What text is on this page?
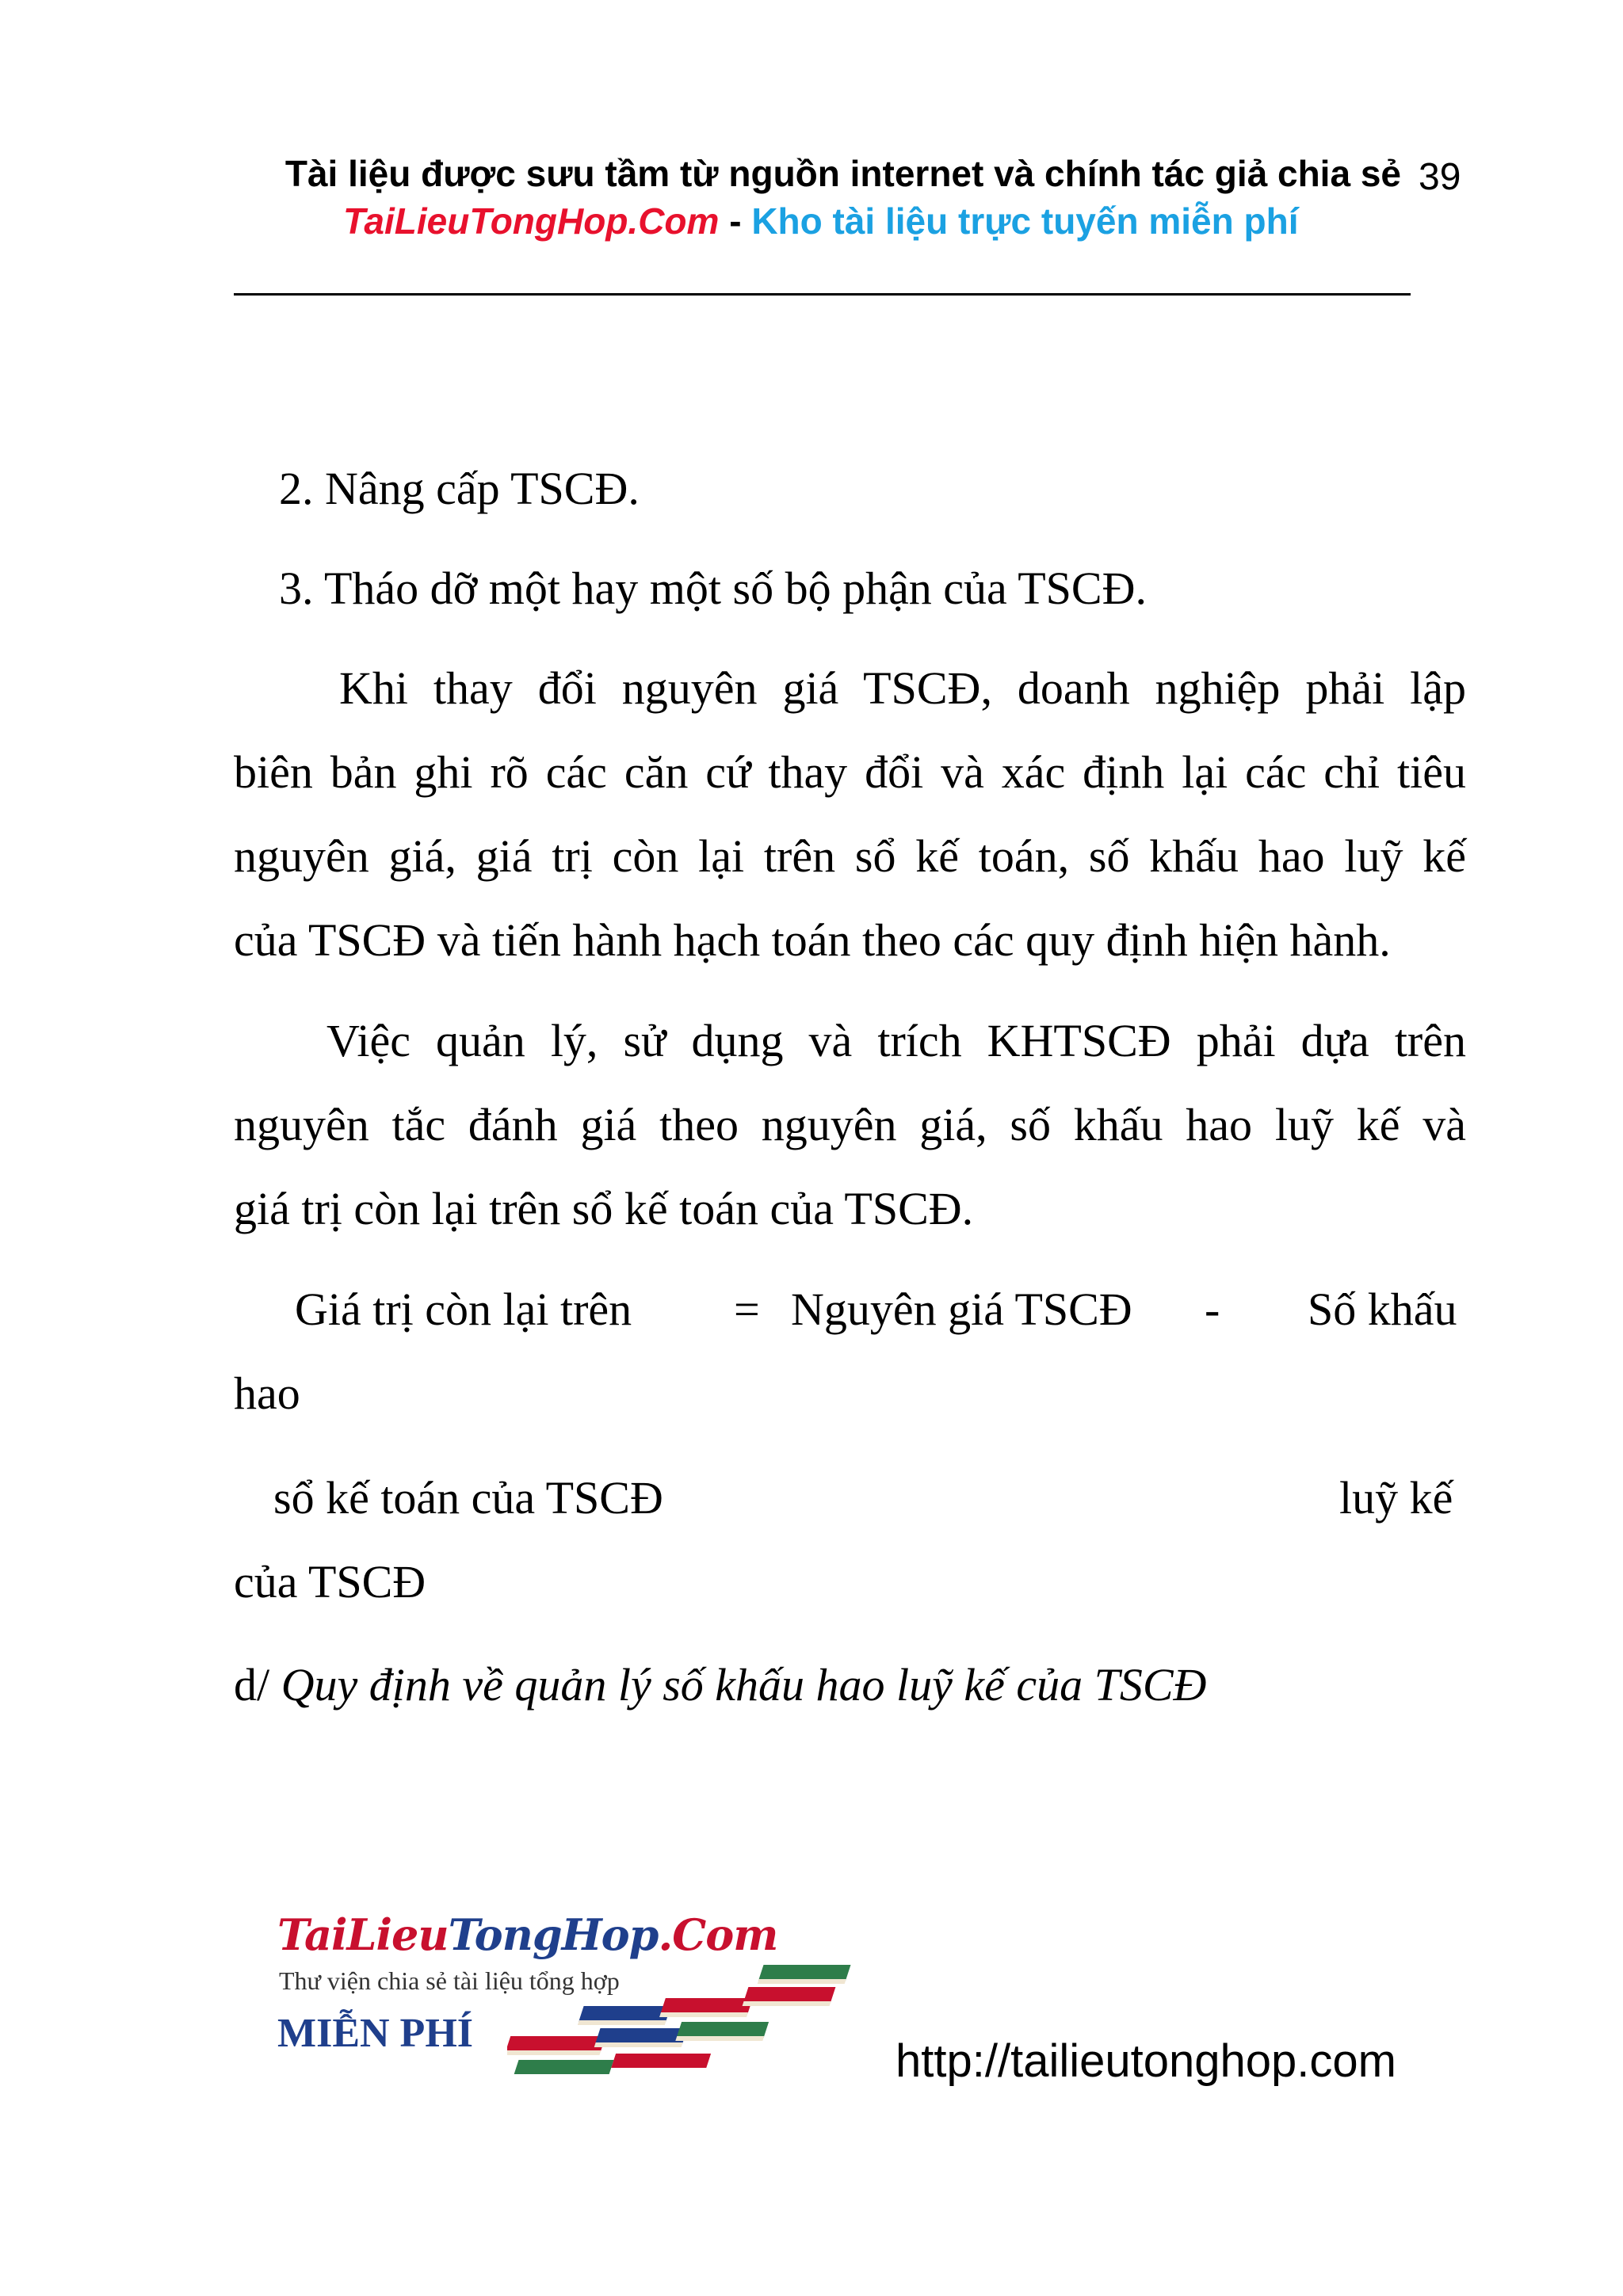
Tài liệu được sưu tầm từ nguồn internet và chính tác giả chia sẻ 39
TaiLieuTongHop.Com - Kho tài liệu trực tuyến miễn phí
2. Nâng cấp TSCĐ.
3. Tháo dỡ một hay một số bộ phận của TSCĐ.
Khi thay đổi nguyên giá TSCĐ, doanh nghiệp phải lập
biên bản ghi rõ các căn cứ thay đổi và xác định lại các chỉ tiêu
nguyên giá, giá trị còn lại trên sổ kế toán, số khấu hao luỹ kế
của TSCĐ và tiến hành hạch toán theo các quy định hiện hành.
Việc quản lý, sử dụng và trích KHTSCĐ phải dựa trên
nguyên tắc đánh giá theo nguyên giá, số khấu hao luỹ kế và
giá trị còn lại trên sổ kế toán của TSCĐ.
Giá trị còn lại trên = Nguyên giá TSCĐ - Số khấu
hao
sổ kế toán của TSCĐ	luỹ kế
của TSCĐ
d/ Quy định về quản lý số khấu hao luỹ kế của TSCĐ
TaiLieuTongHop.Com
Thư viện chia sẻ tài liệu tổng hợp
MIỄN PHÍ
http://tailieutonghop.com
